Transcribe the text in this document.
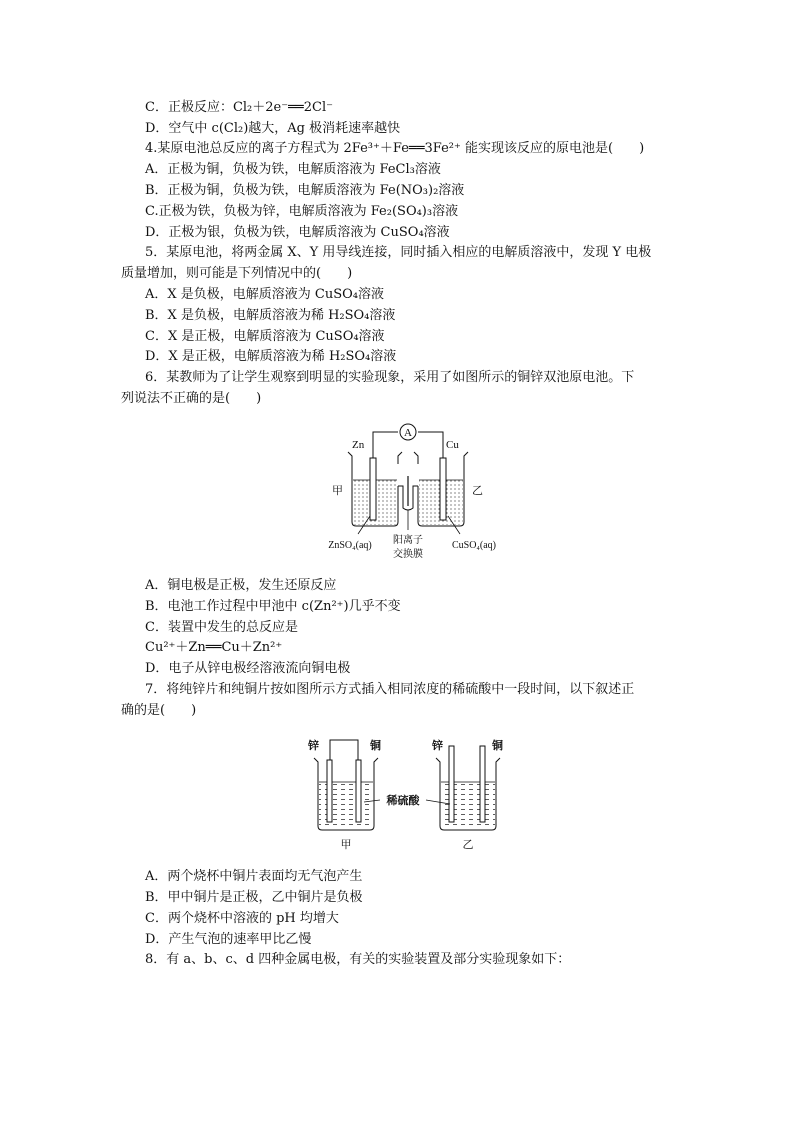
C．正极反应：Cl₂＋2e⁻══2Cl⁻
D．空气中 c(Cl₂)越大，Ag 极消耗速率越快
4.某原电池总反应的离子方程式为 2Fe³⁺＋Fe══3Fe²⁺ 能实现该反应的原电池是(　　)
A．正极为铜，负极为铁，电解质溶液为 FeCl₃溶液
B．正极为铜，负极为铁，电解质溶液为 Fe(NO₃)₂溶液
C.正极为铁，负极为锌，电解质溶液为 Fe₂(SO₄)₃溶液
D．正极为银，负极为铁，电解质溶液为 CuSO₄溶液
5．某原电池，将两金属 X、Y 用导线连接，同时插入相应的电解质溶液中，发现 Y 电极
质量增加，则可能是下列情况中的(　　)
A．X 是负极，电解质溶液为 CuSO₄溶液
B．X 是负极，电解质溶液为稀 H₂SO₄溶液
C．X 是正极，电解质溶液为 CuSO₄溶液
D．X 是正极，电解质溶液为稀 H₂SO₄溶液
6．某教师为了让学生观察到明显的实验现象，采用了如图所示的铜锌双池原电池。下
列说法不正确的是(　　)
A
Zn	Cu
甲	乙
ZnSO₄(aq) 阳离子
交换膜
CuSO₄(aq)
A．铜电极是正极，发生还原反应
B．电池工作过程中甲池中 c(Zn²⁺)几乎不变
C．装置中发生的总反应是
Cu²⁺＋Zn══Cu＋Zn²⁺
D．电子从锌电极经溶液流向铜电极
7．将纯锌片和纯铜片按如图所示方式插入相同浓度的稀硫酸中一段时间，以下叙述正
确的是(　　)
锌	铜	锌	铜
稀硫酸
甲	乙
A．两个烧杯中铜片表面均无气泡产生
B．甲中铜片是正极，乙中铜片是负极
C．两个烧杯中溶液的 pH 均增大
D．产生气泡的速率甲比乙慢
8．有 a、b、c、d 四种金属电极，有关的实验装置及部分实验现象如下：
